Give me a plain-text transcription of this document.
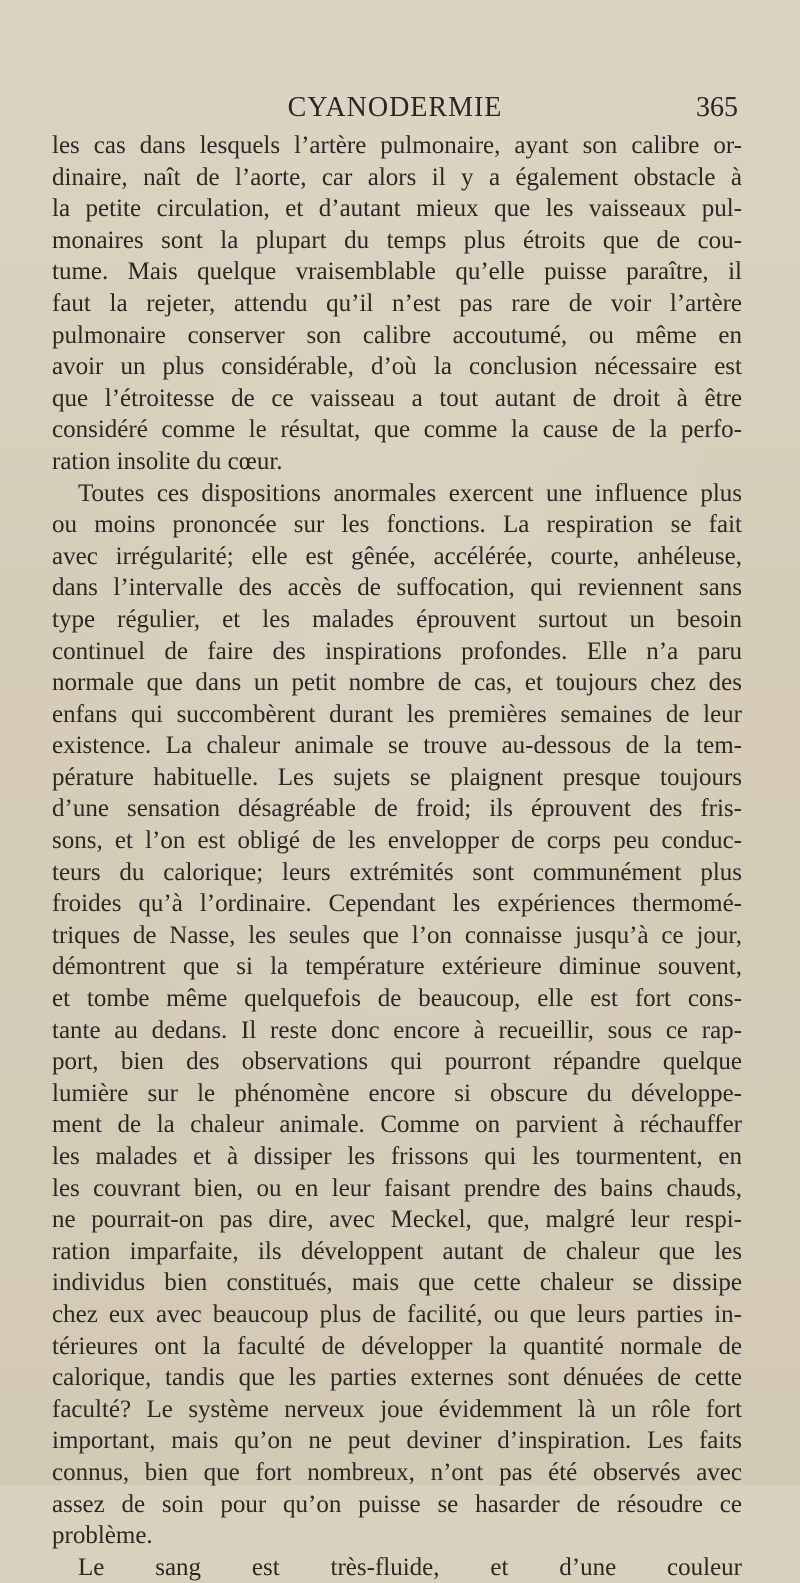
CYANODERMIE	365
les cas dans lesquels l’artère pulmonaire, ayant son calibre or-
dinaire, naît de l’aorte, car alors il y a également obstacle à
la petite circulation, et d’autant mieux que les vaisseaux pul-
monaires sont la plupart du temps plus étroits que de cou-
tume. Mais quelque vraisemblable qu’elle puisse paraître, il
faut la rejeter, attendu qu’il n’est pas rare de voir l’artère
pulmonaire conserver son calibre accoutumé, ou même en
avoir un plus considérable, d’où la conclusion nécessaire est
que l’étroitesse de ce vaisseau a tout autant de droit à être
considéré comme le résultat, que comme la cause de la perfo-
ration insolite du cœur.
Toutes ces dispositions anormales exercent une influence plus
ou moins prononcée sur les fonctions. La respiration se fait
avec irrégularité; elle est gênée, accélérée, courte, anhéleuse,
dans l’intervalle des accès de suffocation, qui reviennent sans
type régulier, et les malades éprouvent surtout un besoin
continuel de faire des inspirations profondes. Elle n’a paru
normale que dans un petit nombre de cas, et toujours chez des
enfans qui succombèrent durant les premières semaines de leur
existence. La chaleur animale se trouve au-dessous de la tem-
pérature habituelle. Les sujets se plaignent presque toujours
d’une sensation désagréable de froid; ils éprouvent des fris-
sons, et l’on est obligé de les envelopper de corps peu conduc-
teurs du calorique; leurs extrémités sont communément plus
froides qu’à l’ordinaire. Cependant les expériences thermomé-
triques de Nasse, les seules que l’on connaisse jusqu’à ce jour,
démontrent que si la température extérieure diminue souvent,
et tombe même quelquefois de beaucoup, elle est fort cons-
tante au dedans. Il reste donc encore à recueillir, sous ce rap-
port, bien des observations qui pourront répandre quelque
lumière sur le phénomène encore si obscure du développe-
ment de la chaleur animale. Comme on parvient à réchauffer
les malades et à dissiper les frissons qui les tourmentent, en
les couvrant bien, ou en leur faisant prendre des bains chauds,
ne pourrait-on pas dire, avec Meckel, que, malgré leur respi-
ration imparfaite, ils développent autant de chaleur que les
individus bien constitués, mais que cette chaleur se dissipe
chez eux avec beaucoup plus de facilité, ou que leurs parties in-
térieures ont la faculté de développer la quantité normale de
calorique, tandis que les parties externes sont dénuées de cette
faculté? Le système nerveux joue évidemment là un rôle fort
important, mais qu’on ne peut deviner d’inspiration. Les faits
connus, bien que fort nombreux, n’ont pas été observés avec
assez de soin pour qu’on puisse se hasarder de résoudre ce
problème.
Le sang est très-fluide, et d’une couleur
